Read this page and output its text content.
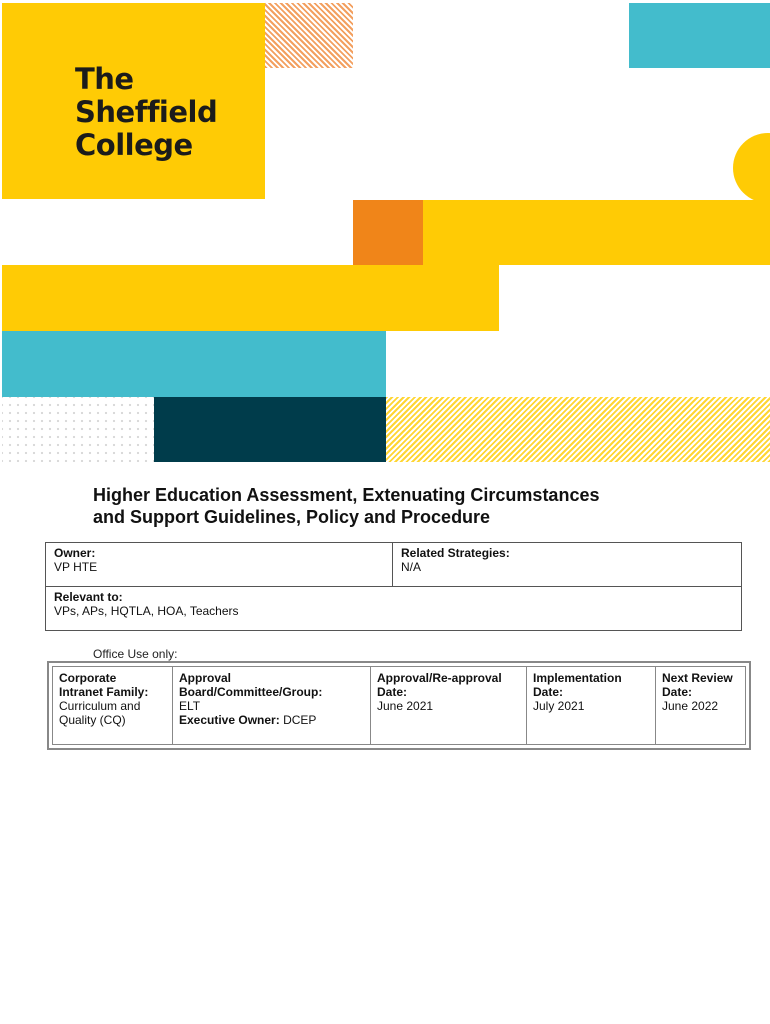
The
Sheffield
College
Higher Education Assessment, Extenuating Circumstances
and Support Guidelines, Policy and Procedure
Owner:
VP HTE

Related Strategies:
N/A

Relevant to:
VPs, APs, HQTLA, HOA, Teachers
Office Use only:
Corporate
Intranet Family:
Curriculum and
Quality (CQ)

Approval
Board/Committee/Group:
ELT
Executive Owner: DCEP

Approval/Re-approval
Date:
June 2021

Implementation
Date:
July 2021

Next Review
Date:
June 2022
